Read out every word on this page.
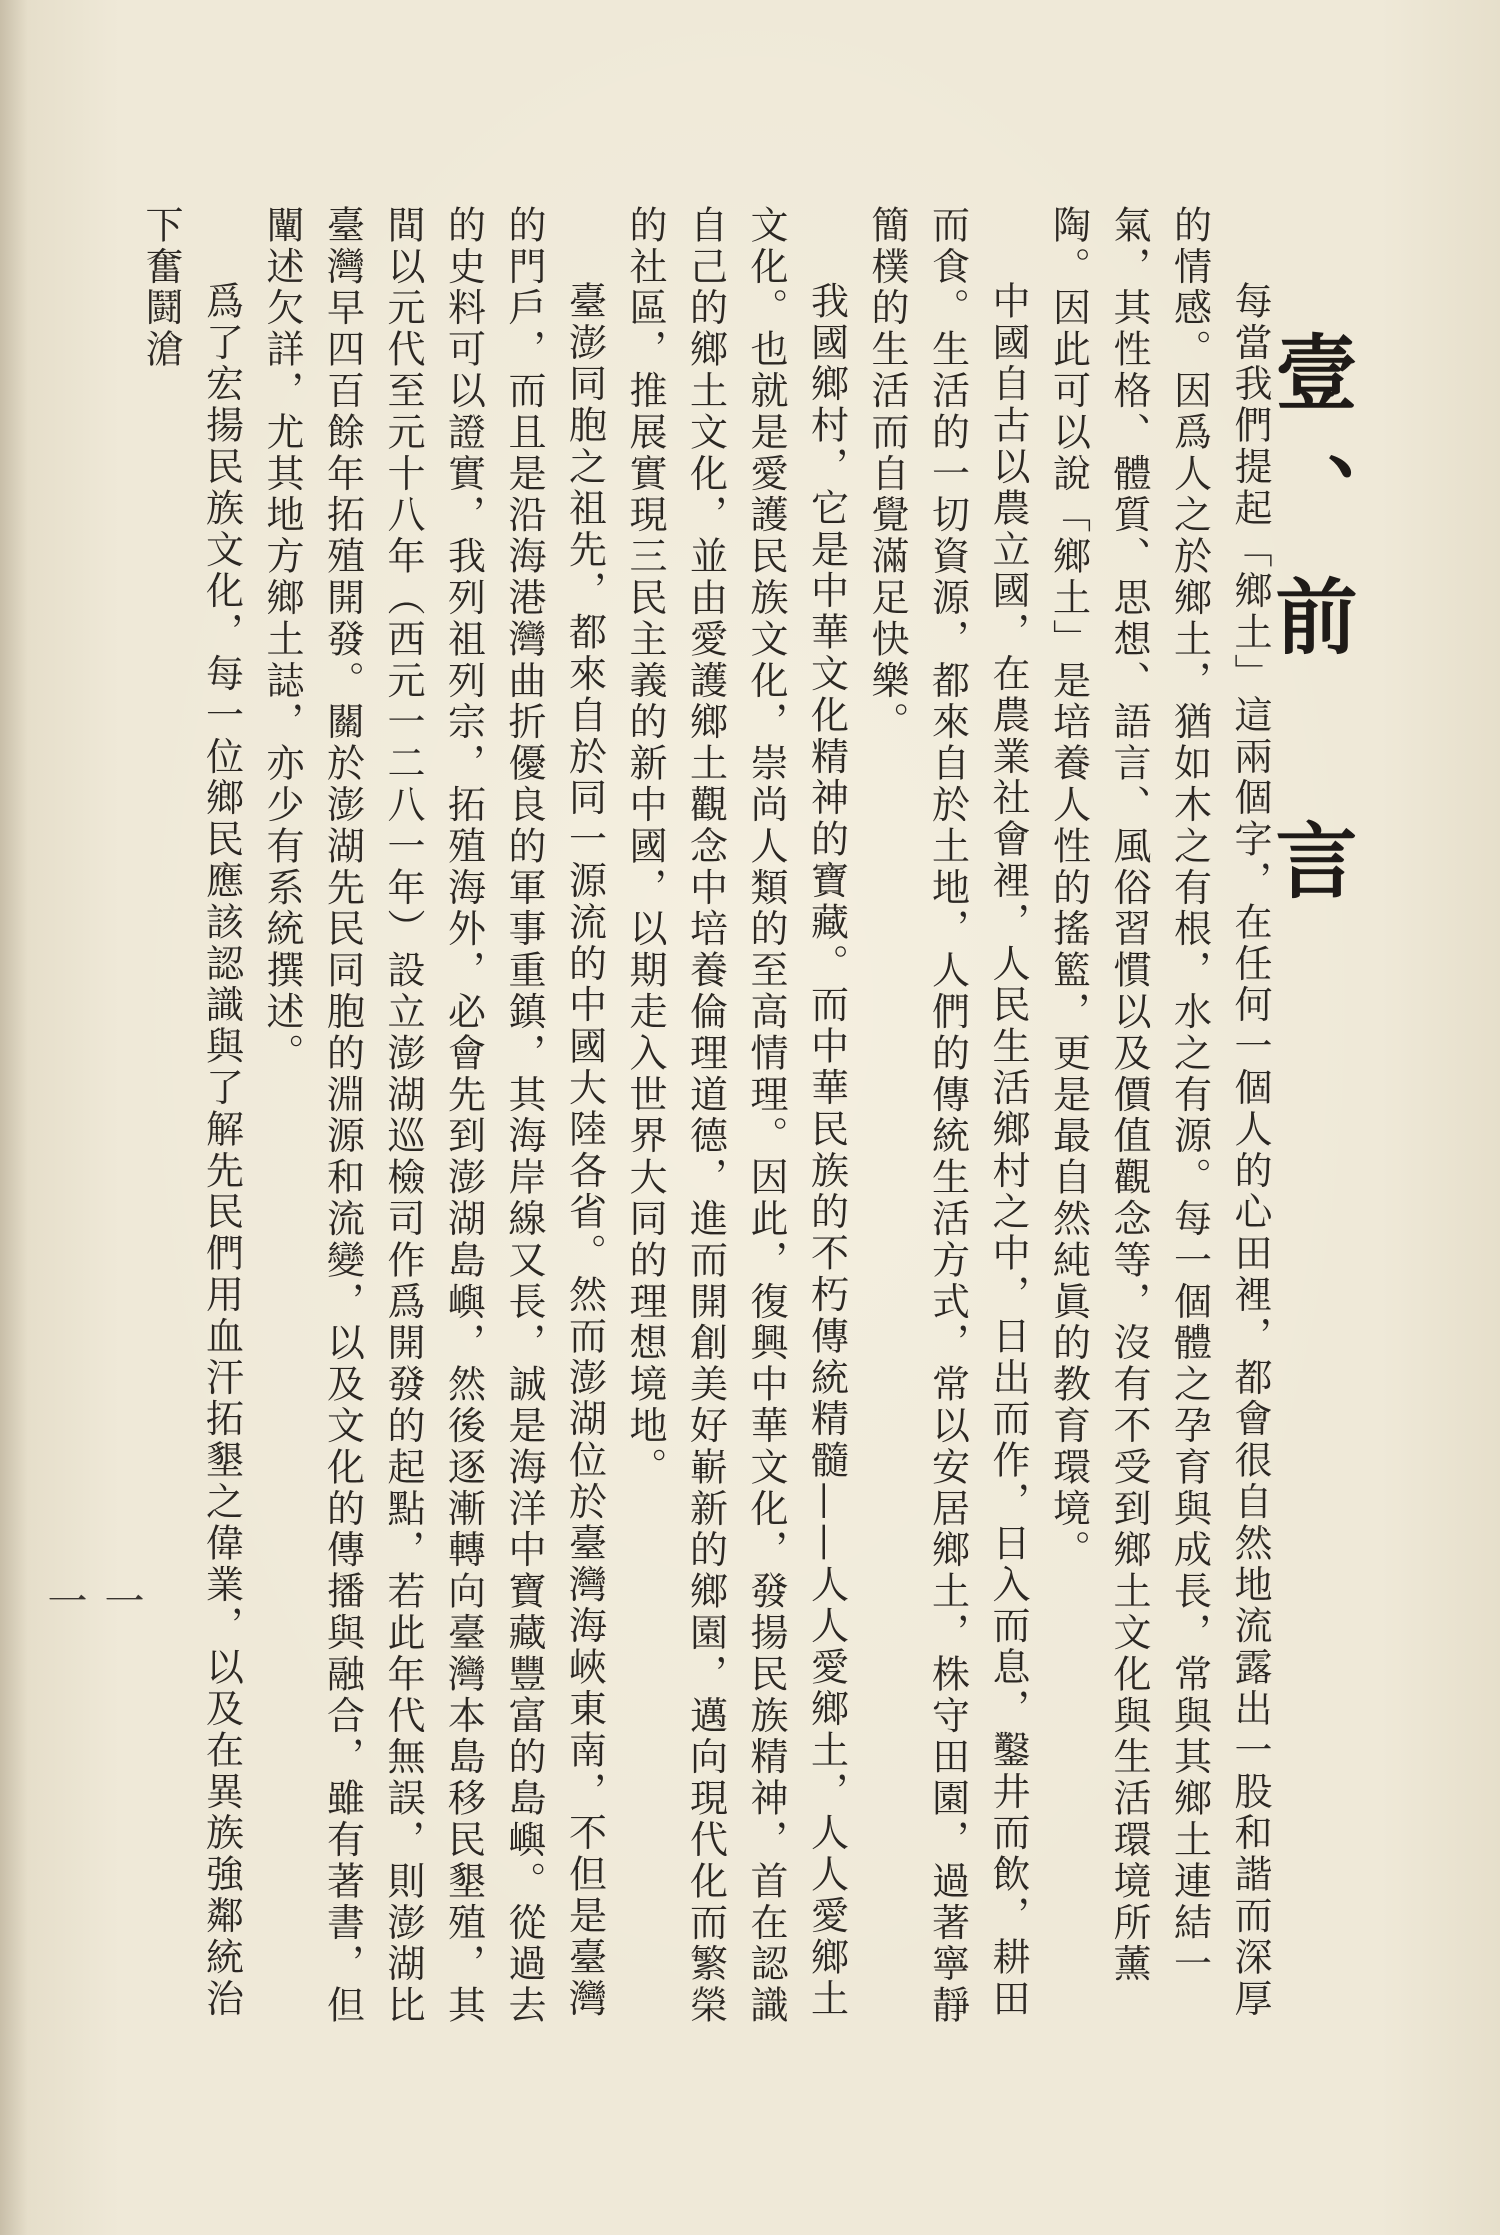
壹、前　言

每當我們提起「鄉土」這兩個字，在任何一個人的心田裡，都會很自然地流露出一股和諧而深厚的情感。因爲人之於鄉土，猶如木之有根，水之有源。每一個體之孕育與成長，常與其鄉土連結一氣，其性格、體質、思想、語言、風俗習慣以及價值觀念等，沒有不受到鄉土文化與生活環境所薰陶。因此可以說「鄉土」是培養人性的搖籃，更是最自然純眞的教育環境。

中國自古以農立國，在農業社會裡，人民生活鄉村之中，日出而作，日入而息，鑿井而飲，耕田而食。生活的一切資源，都來自於土地，人們的傳統生活方式，常以安居鄉土，株守田園，過著寧靜簡樸的生活而自覺滿足快樂。

我國鄉村，它是中華文化精神的寶藏。而中華民族的不朽傳統精髓——人人愛鄉土，人人愛鄉土文化。也就是愛護民族文化，崇尚人類的至高情理。因此，復興中華文化，發揚民族精神，首在認識自己的鄉土文化，並由愛護鄉土觀念中培養倫理道德，進而開創美好嶄新的鄉園，邁向現代化而繁榮的社區，推展實現三民主義的新中國，以期走入世界大同的理想境地。

臺澎同胞之祖先，都來自於同一源流的中國大陸各省。然而澎湖位於臺灣海峽東南，不但是臺灣的門戶，而且是沿海港灣曲折優良的軍事重鎮，其海岸線又長，誠是海洋中寶藏豐富的島嶼。從過去的史料可以證實，我列祖列宗，拓殖海外，必會先到澎湖島嶼，然後逐漸轉向臺灣本島移民墾殖，其間以元代至元十八年（西元一二八一年）設立澎湖巡檢司作爲開發的起點，若此年代無誤，則澎湖比臺灣早四百餘年拓殖開發。關於澎湖先民同胞的淵源和流變，以及文化的傳播與融合，雖有著書，但闡述欠詳，尤其地方鄉土誌，亦少有系統撰述。

爲了宏揚民族文化，每一位鄉民應該認識與了解先民們用血汗拓墾之偉業，以及在異族強鄰統治下奮鬪滄

一一
